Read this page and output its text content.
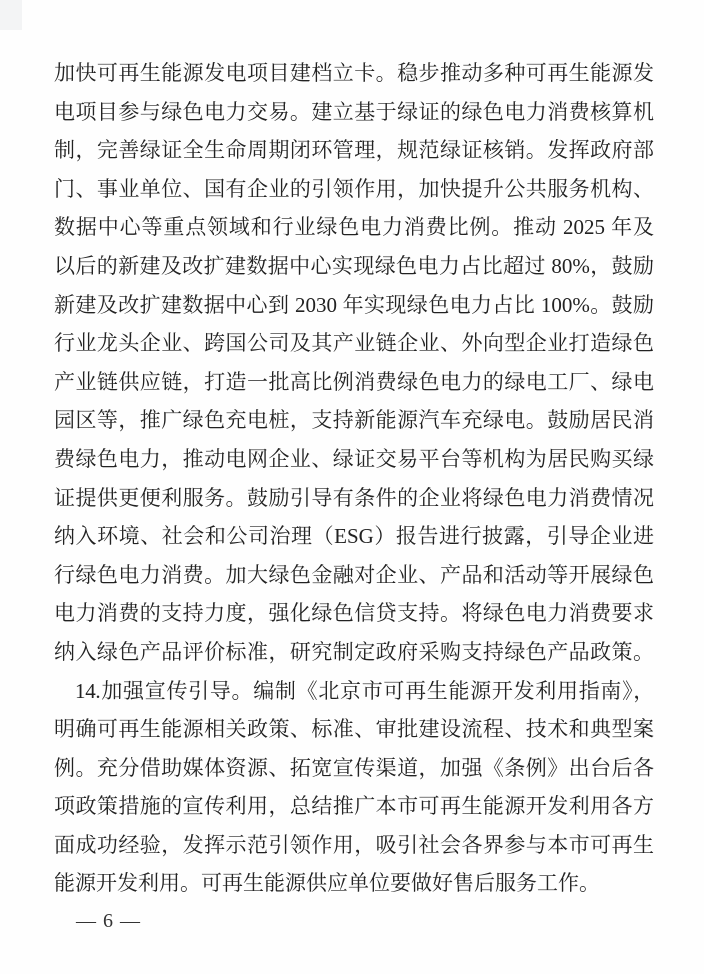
加快可再生能源发电项目建档立卡。稳步推动多种可再生能源发
电项目参与绿色电力交易。建立基于绿证的绿色电力消费核算机
制，完善绿证全生命周期闭环管理，规范绿证核销。发挥政府部
门、事业单位、国有企业的引领作用，加快提升公共服务机构、
数据中心等重点领域和行业绿色电力消费比例。推动 2025 年及
以后的新建及改扩建数据中心实现绿色电力占比超过 80%，鼓励
新建及改扩建数据中心到 2030 年实现绿色电力占比 100%。鼓励
行业龙头企业、跨国公司及其产业链企业、外向型企业打造绿色
产业链供应链，打造一批高比例消费绿色电力的绿电工厂、绿电
园区等，推广绿色充电桩，支持新能源汽车充绿电。鼓励居民消
费绿色电力，推动电网企业、绿证交易平台等机构为居民购买绿
证提供更便利服务。鼓励引导有条件的企业将绿色电力消费情况
纳入环境、社会和公司治理（ESG）报告进行披露，引导企业进
行绿色电力消费。加大绿色金融对企业、产品和活动等开展绿色
电力消费的支持力度，强化绿色信贷支持。将绿色电力消费要求
纳入绿色产品评价标准，研究制定政府采购支持绿色产品政策。
14.加强宣传引导。编制《北京市可再生能源开发利用指南》，
明确可再生能源相关政策、标准、审批建设流程、技术和典型案
例。充分借助媒体资源、拓宽宣传渠道，加强《条例》出台后各
项政策措施的宣传利用，总结推广本市可再生能源开发利用各方
面成功经验，发挥示范引领作用，吸引社会各界参与本市可再生
能源开发利用。可再生能源供应单位要做好售后服务工作。
— 6 —
